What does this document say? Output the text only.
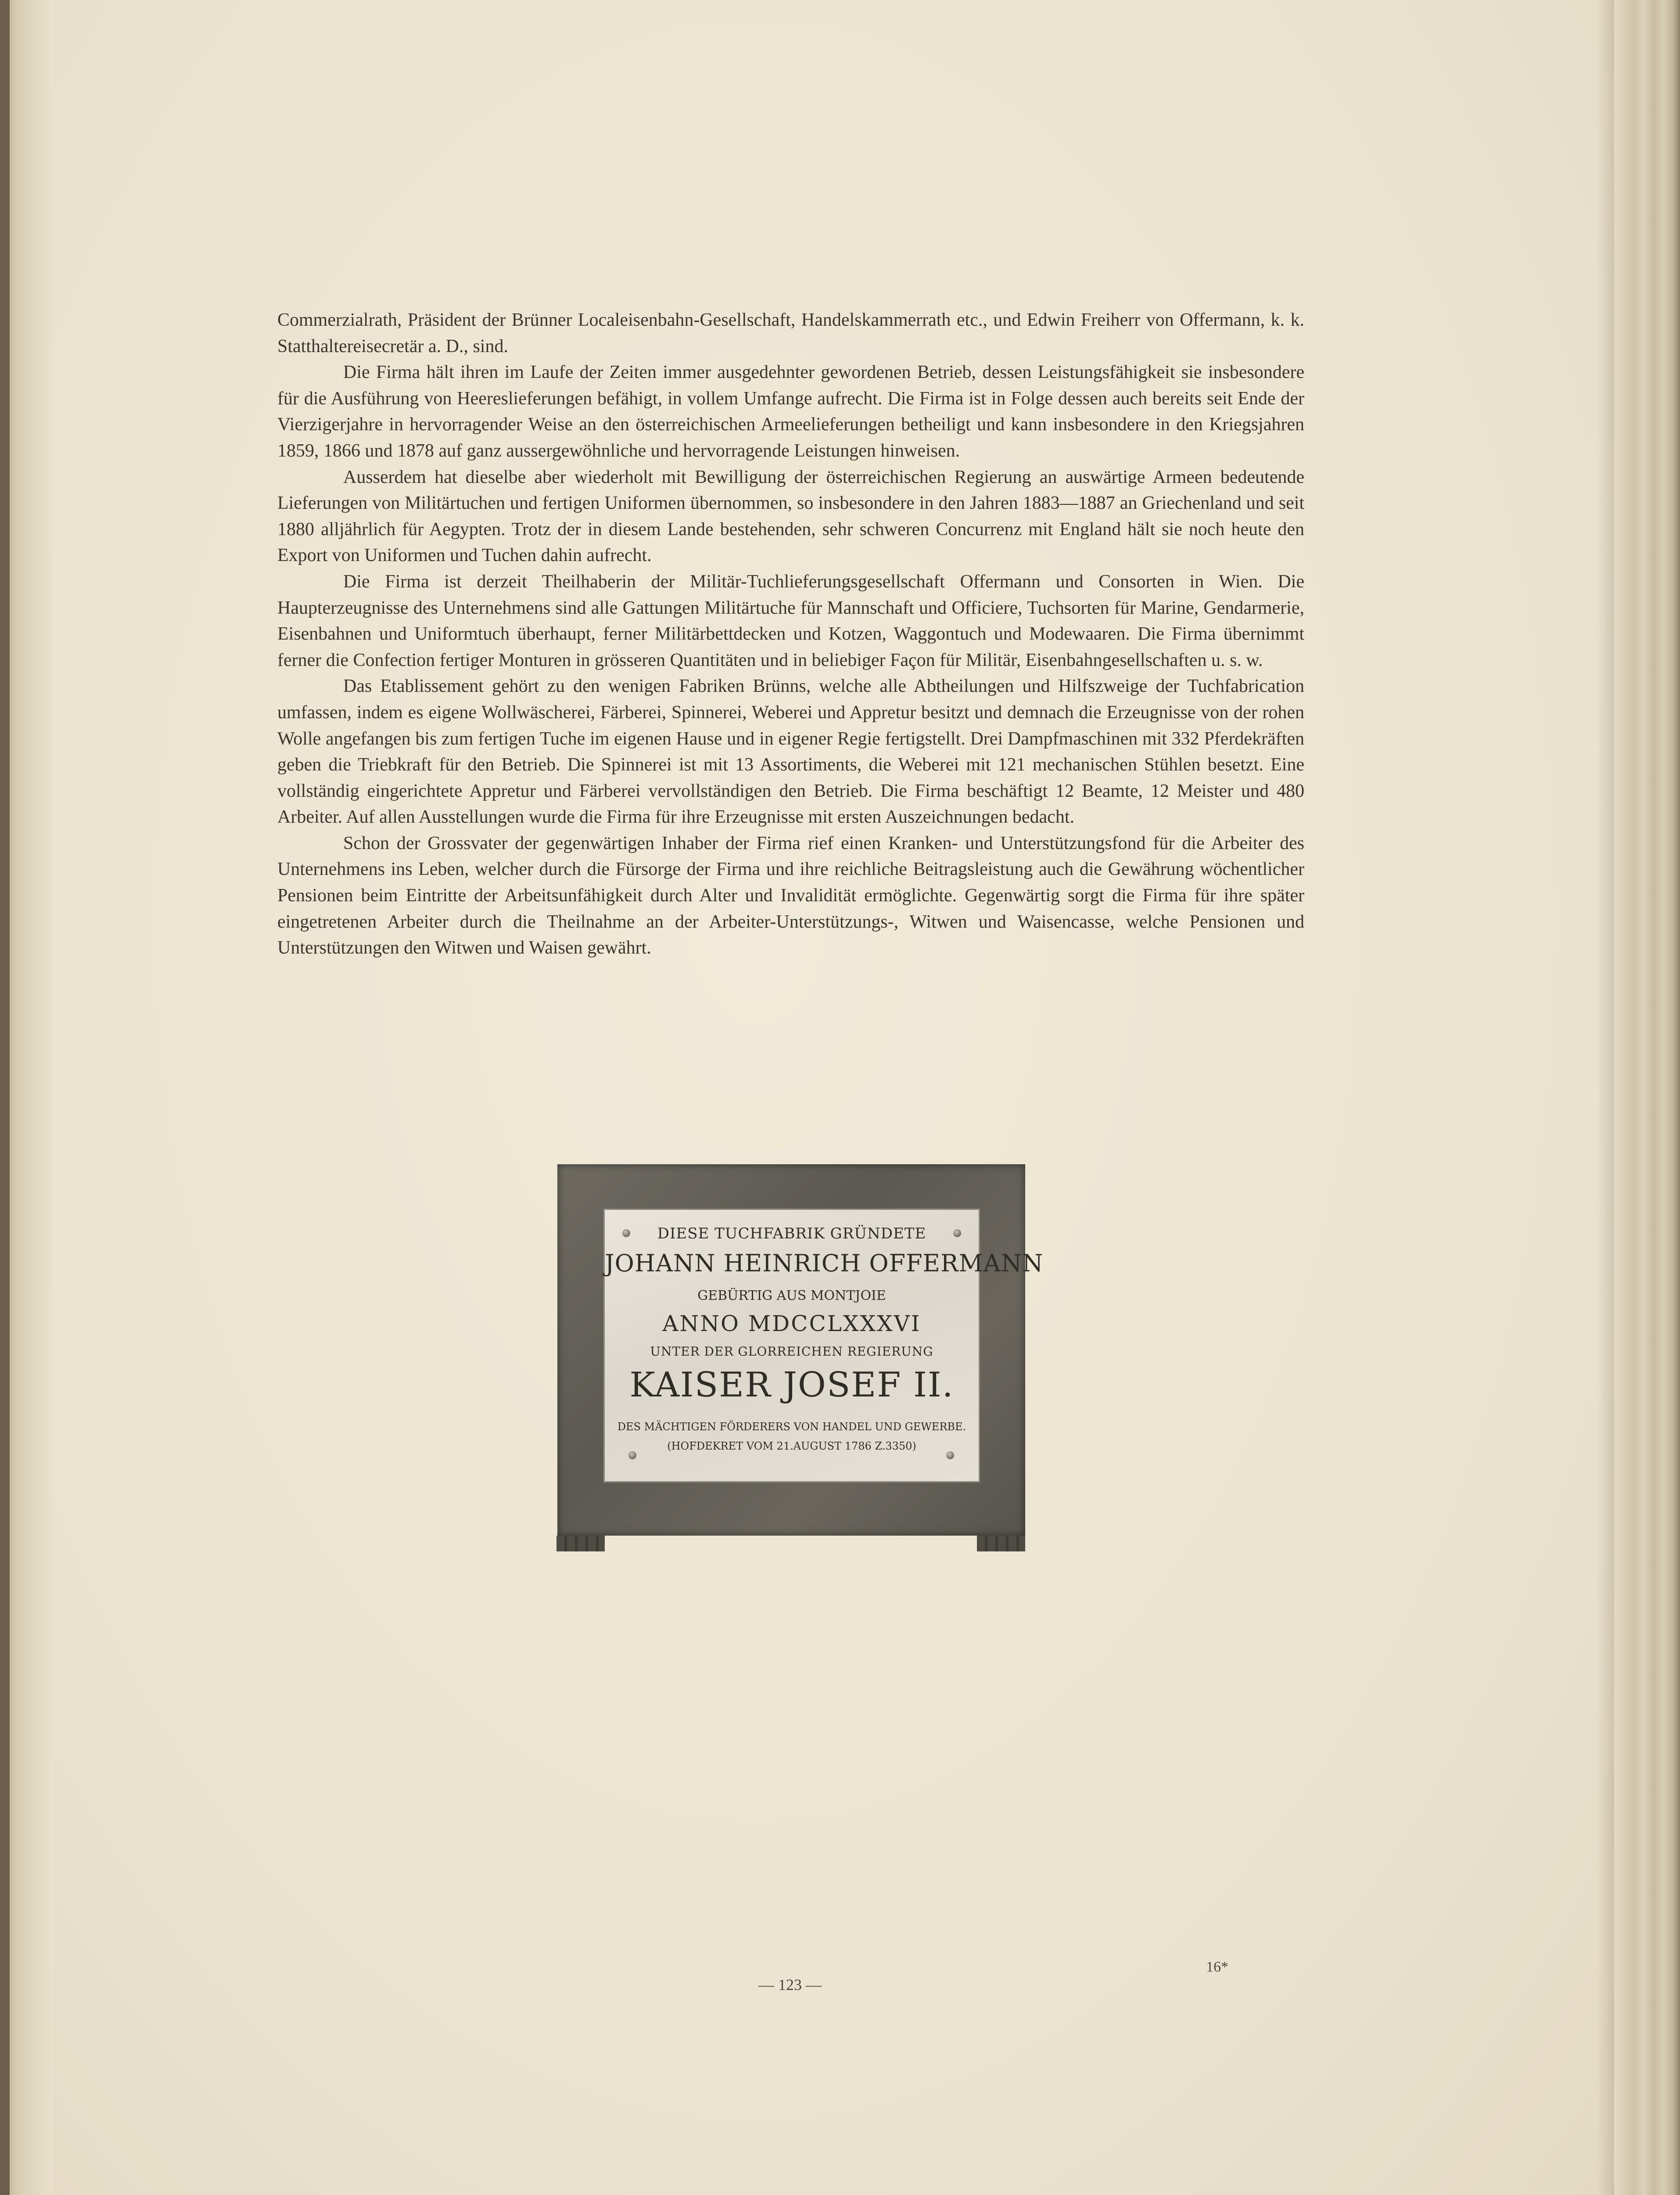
Commerzialrath, Präsident der Brünner Localeisenbahn-Gesellschaft, Handelskammerrath etc., und Edwin Freiherr von Offermann, k. k. Statthaltereisecretär a. D., sind.

Die Firma hält ihren im Laufe der Zeiten immer ausgedehnter gewordenen Betrieb, dessen Leistungsfähigkeit sie insbesondere für die Ausführung von Heereslieferungen befähigt, in vollem Umfange aufrecht. Die Firma ist in Folge dessen auch bereits seit Ende der Vierzigerjahre in hervorragender Weise an den österreichischen Armeelieferungen betheiligt und kann insbesondere in den Kriegsjahren 1859, 1866 und 1878 auf ganz aussergewöhnliche und hervorragende Leistungen hinweisen.

Ausserdem hat dieselbe aber wiederholt mit Bewilligung der österreichischen Regierung an auswärtige Armeen bedeutende Lieferungen von Militärtuchen und fertigen Uniformen übernommen, so insbesondere in den Jahren 1883—1887 an Griechenland und seit 1880 alljährlich für Aegypten. Trotz der in diesem Lande bestehenden, sehr schweren Concurrenz mit England hält sie noch heute den Export von Uniformen und Tuchen dahin aufrecht.

Die Firma ist derzeit Theilhaberin der Militär-Tuchlieferungsgesellschaft Offermann und Consorten in Wien. Die Haupterzeugnisse des Unternehmens sind alle Gattungen Militärtuche für Mannschaft und Officiere, Tuchsorten für Marine, Gendarmerie, Eisenbahnen und Uniformtuch überhaupt, ferner Militärbettdecken und Kotzen, Waggontuch und Modewaaren. Die Firma übernimmt ferner die Confection fertiger Monturen in grösseren Quantitäten und in beliebiger Façon für Militär, Eisenbahngesellschaften u. s. w.

Das Etablissement gehört zu den wenigen Fabriken Brünns, welche alle Abtheilungen und Hilfszweige der Tuchfabrication umfassen, indem es eigene Wollwäscherei, Färberei, Spinnerei, Weberei und Appretur besitzt und demnach die Erzeugnisse von der rohen Wolle angefangen bis zum fertigen Tuche im eigenen Hause und in eigener Regie fertigstellt. Drei Dampfmaschinen mit 332 Pferdekräften geben die Triebkraft für den Betrieb. Die Spinnerei ist mit 13 Assortiments, die Weberei mit 121 mechanischen Stühlen besetzt. Eine vollständig eingerichtete Appretur und Färberei vervollständigen den Betrieb. Die Firma beschäftigt 12 Beamte, 12 Meister und 480 Arbeiter. Auf allen Ausstellungen wurde die Firma für ihre Erzeugnisse mit ersten Auszeichnungen bedacht.

Schon der Grossvater der gegenwärtigen Inhaber der Firma rief einen Kranken- und Unterstützungsfond für die Arbeiter des Unternehmens ins Leben, welcher durch die Fürsorge der Firma und ihre reichliche Beitragsleistung auch die Gewährung wöchentlicher Pensionen beim Eintritte der Arbeitsunfähigkeit durch Alter und Invalidität ermöglichte. Gegenwärtig sorgt die Firma für ihre später eingetretenen Arbeiter durch die Theilnahme an der Arbeiter-Unterstützungs-, Witwen und Waisencasse, welche Pensionen und Unterstützungen den Witwen und Waisen gewährt.

DIESE TUCHFABRIK GRÜNDETE
JOHANN HEINRICH OFFERMANN
GEBÜRTIG AUS MONTJOIE
ANNO MDCCLXXXVI
UNTER DER GLORREICHEN REGIERUNG
KAISER JOSEF II.
DES MÄCHTIGEN FÖRDERERS VON HANDEL UND GEWERBE.
(HOFDEKRET VOM 21.AUGUST 1786 Z.3350)
— 123 —
16*
